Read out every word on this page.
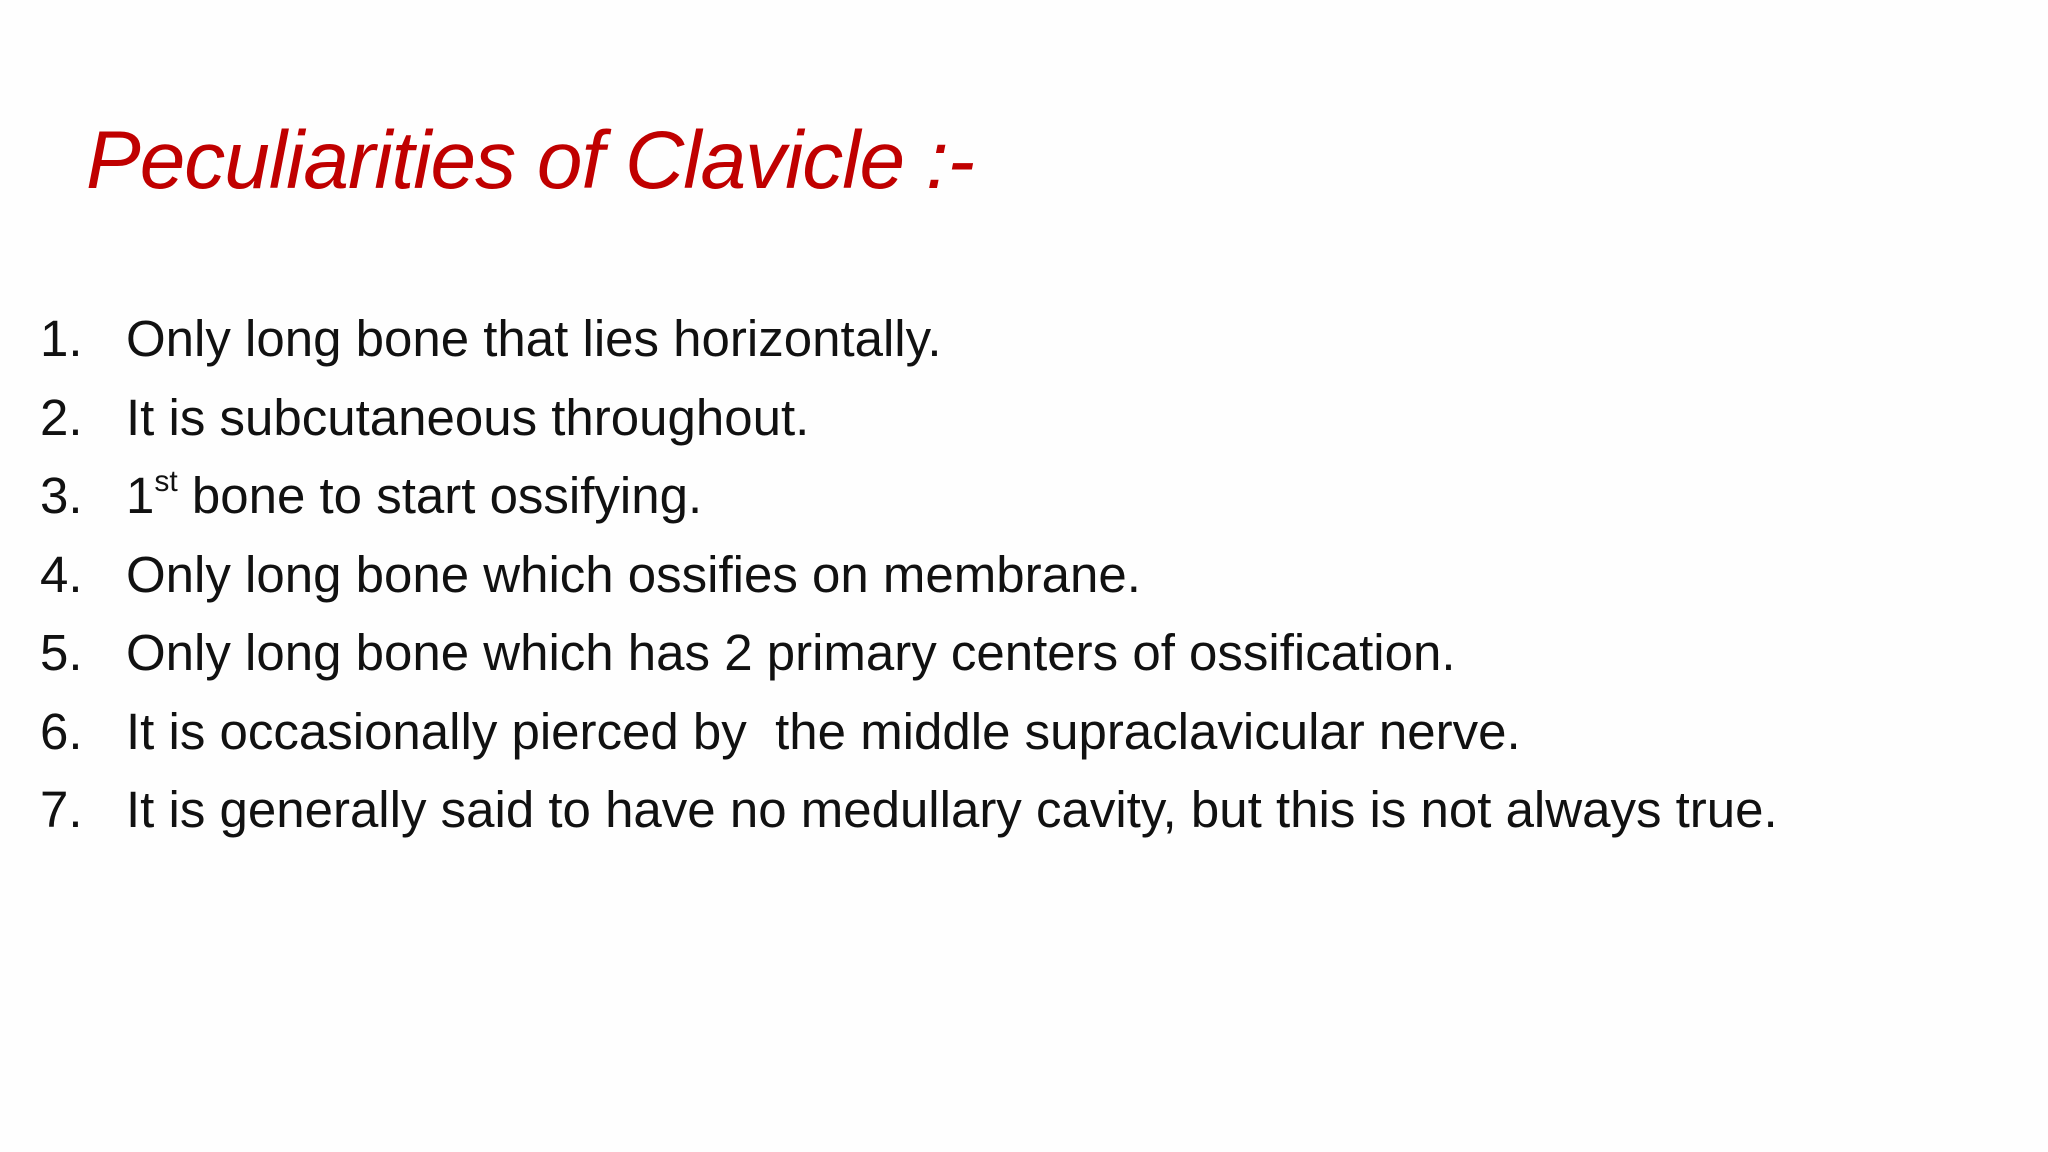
Peculiarities of Clavicle :-
1. Only long bone that lies horizontally.
2. It is subcutaneous throughout.
3. 1st bone to start ossifying.
4. Only long bone which ossifies on membrane.
5. Only long bone which has 2 primary centers of ossification.
6. It is occasionally pierced by  the middle supraclavicular nerve.
7. It is generally said to have no medullary cavity, but this is not always true.
